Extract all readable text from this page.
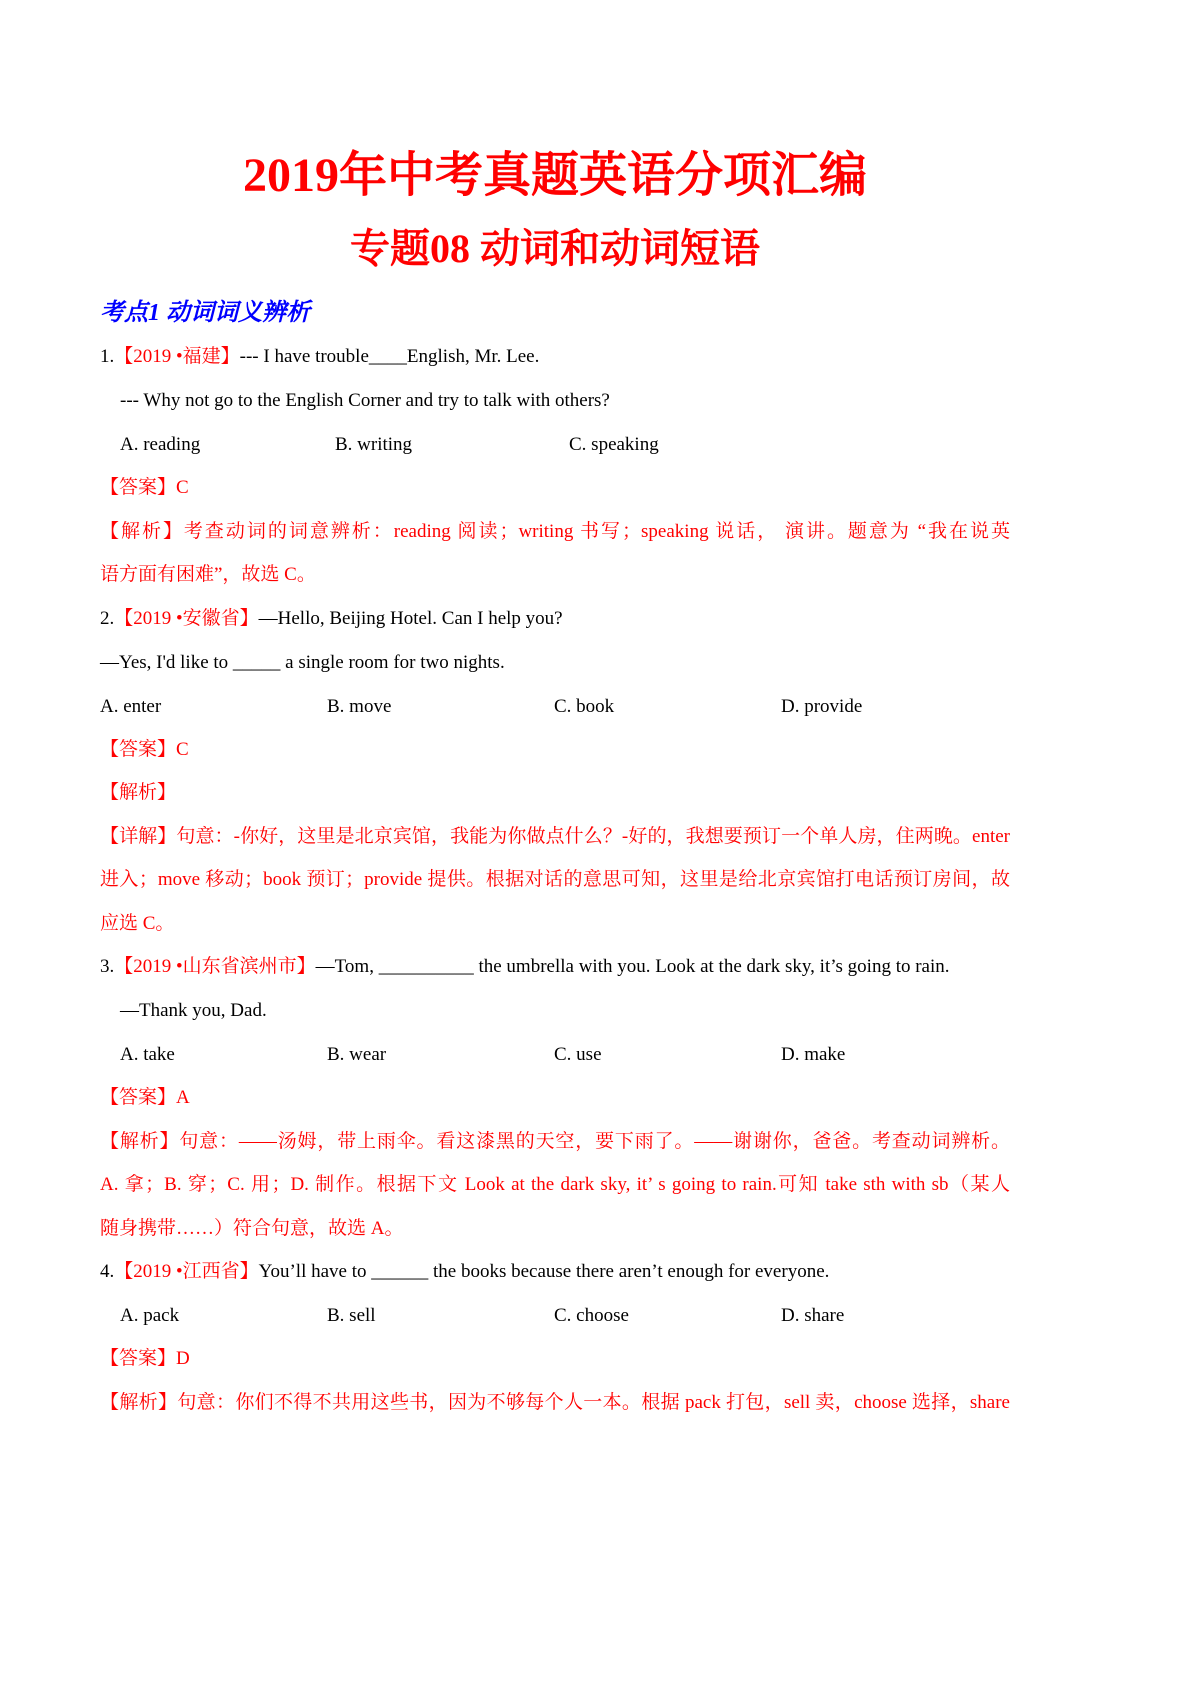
2019年中考真题英语分项汇编
专题08 动词和动词短语
考点1 动词词义辨析
1.【2019 •福建】--- I have trouble____English, Mr. Lee.
--- Why not go to the English Corner and try to talk with others?
A. reading	B. writing	C. speaking
【答案】C
【解析】考查动词的词意辨析：reading 阅读；writing 书写；speaking 说话， 演讲。题意为 “我在说英
语方面有困难”，故选 C。
2.【2019 •安徽省】—Hello, Beijing Hotel. Can I help you?
—Yes, I'd like to _____ a single room for two nights.
A. enter	B. move	C. book	D. provide
【答案】C
【解析】
【详解】句意：-你好，这里是北京宾馆，我能为你做点什么？-好的，我想要预订一个单人房，住两晚。enter
进入；move 移动；book 预订；provide 提供。根据对话的意思可知，这里是给北京宾馆打电话预订房间，故
应选 C。
3.【2019 •山东省滨州市】—Tom, __________ the umbrella with you. Look at the dark sky, it’s going to rain.
—Thank you, Dad.
A. take	B. wear	C. use	D. make
【答案】A
【解析】句意：——汤姆，带上雨伞。看这漆黑的天空，要下雨了。——谢谢你，爸爸。考查动词辨析。
A. 拿；B. 穿；C. 用；D. 制作。根据下文 Look at the dark sky, it’ s going to rain.可知 take sth with sb（某人
随身携带……）符合句意，故选 A。
4.【2019 •江西省】You’ll have to ______ the books because there aren’t enough for everyone.
A. pack	B. sell	C. choose	D. share
【答案】D
【解析】句意：你们不得不共用这些书，因为不够每个人一本。根据 pack 打包，sell 卖，choose 选择，share
